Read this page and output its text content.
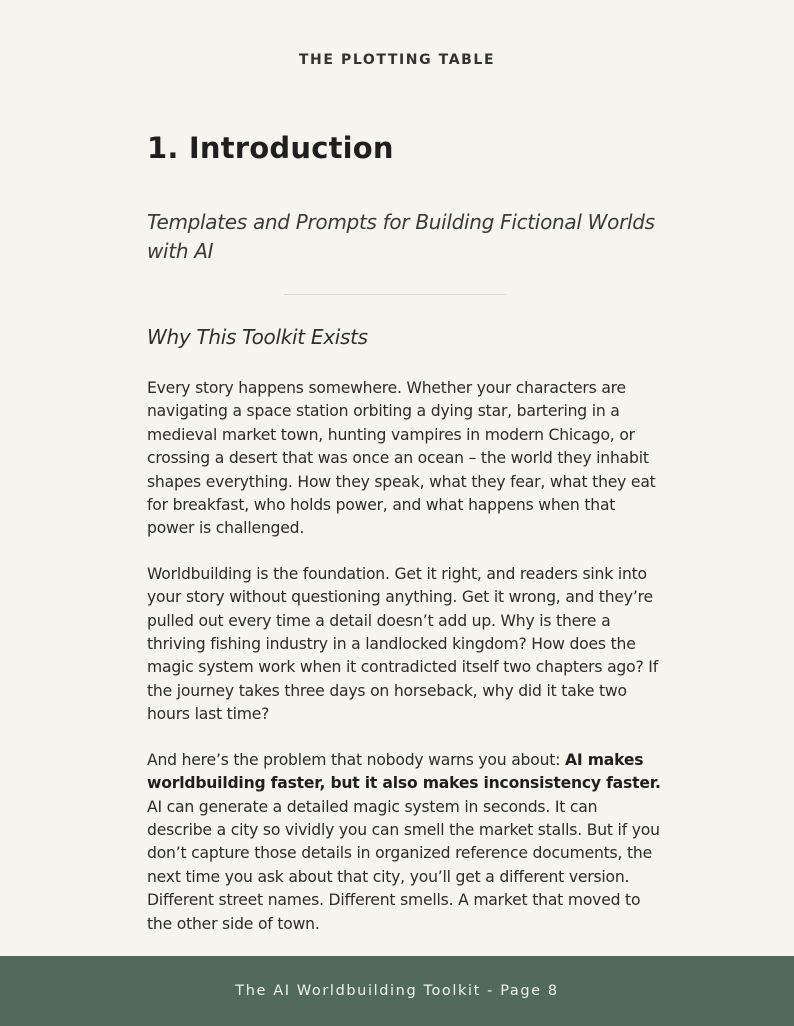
THE PLOTTING TABLE
1. Introduction
Templates and Prompts for Building Fictional Worlds with AI
Why This Toolkit Exists

Every story happens somewhere. Whether your characters are navigating a space station orbiting a dying star, bartering in a medieval market town, hunting vampires in modern Chicago, or crossing a desert that was once an ocean – the world they inhabit shapes everything. How they speak, what they fear, what they eat for breakfast, who holds power, and what happens when that power is challenged.

Worldbuilding is the foundation. Get it right, and readers sink into your story without questioning anything. Get it wrong, and they’re pulled out every time a detail doesn’t add up. Why is there a thriving fishing industry in a landlocked kingdom? How does the magic system work when it contradicted itself two chapters ago? If the journey takes three days on horseback, why did it take two hours last time?

And here’s the problem that nobody warns you about: AI makes worldbuilding faster, but it also makes inconsistency faster. AI can generate a detailed magic system in seconds. It can describe a city so vividly you can smell the market stalls. But if you don’t capture those details in organized reference documents, the next time you ask about that city, you’ll get a different version. Different street names. Different smells. A market that moved to the other side of town.

The AI Worldbuilding Toolkit - Page 8
